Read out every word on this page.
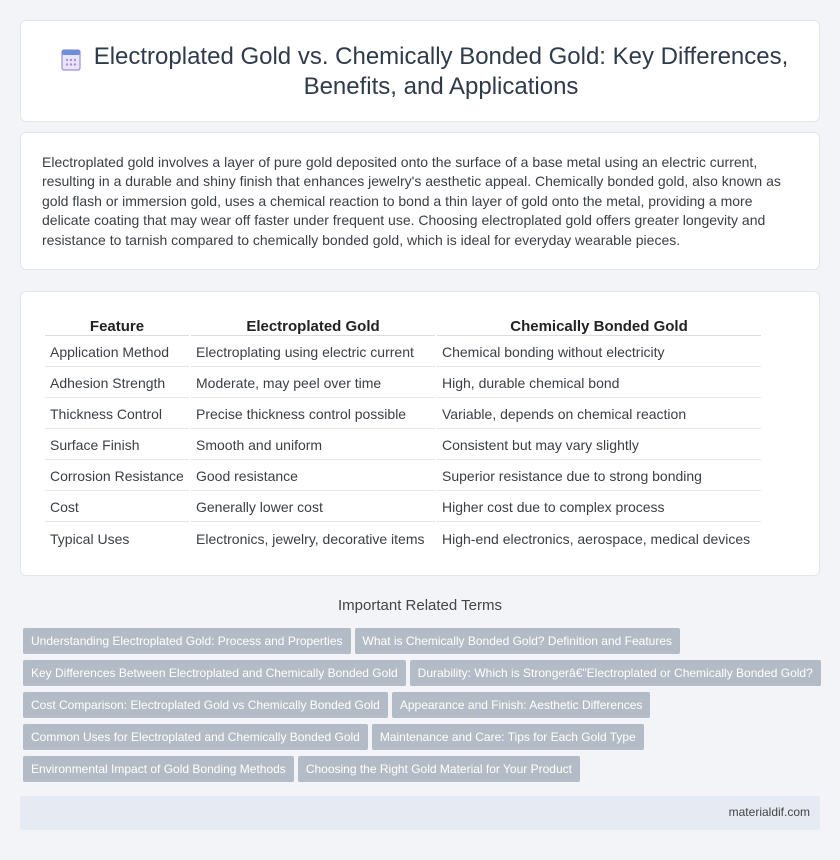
Electroplated Gold vs. Chemically Bonded Gold: Key Differences, Benefits, and Applications

Electroplated gold involves a layer of pure gold deposited onto the surface of a base metal using an electric current, resulting in a durable and shiny finish that enhances jewelry's aesthetic appeal. Chemically bonded gold, also known as gold flash or immersion gold, uses a chemical reaction to bond a thin layer of gold onto the metal, providing a more delicate coating that may wear off faster under frequent use. Choosing electroplated gold offers greater longevity and resistance to tarnish compared to chemically bonded gold, which is ideal for everyday wearable pieces.

Feature	Electroplated Gold	Chemically Bonded Gold
Application Method	Electroplating using electric current	Chemical bonding without electricity
Adhesion Strength	Moderate, may peel over time	High, durable chemical bond
Thickness Control	Precise thickness control possible	Variable, depends on chemical reaction
Surface Finish	Smooth and uniform	Consistent but may vary slightly
Corrosion Resistance	Good resistance	Superior resistance due to strong bonding
Cost	Generally lower cost	Higher cost due to complex process
Typical Uses	Electronics, jewelry, decorative items	High-end electronics, aerospace, medical devices
Important Related Terms
Understanding Electroplated Gold: Process and Properties What is Chemically Bonded Gold? Definition and Features
Key Differences Between Electroplated and Chemically Bonded Gold Durability: Which is Strongerâ€"Electroplated or Chemically Bonded Gold?
Cost Comparison: Electroplated Gold vs Chemically Bonded Gold Appearance and Finish: Aesthetic Differences
Common Uses for Electroplated and Chemically Bonded Gold Maintenance and Care: Tips for Each Gold Type
Environmental Impact of Gold Bonding Methods Choosing the Right Gold Material for Your Product
materialdif.com
